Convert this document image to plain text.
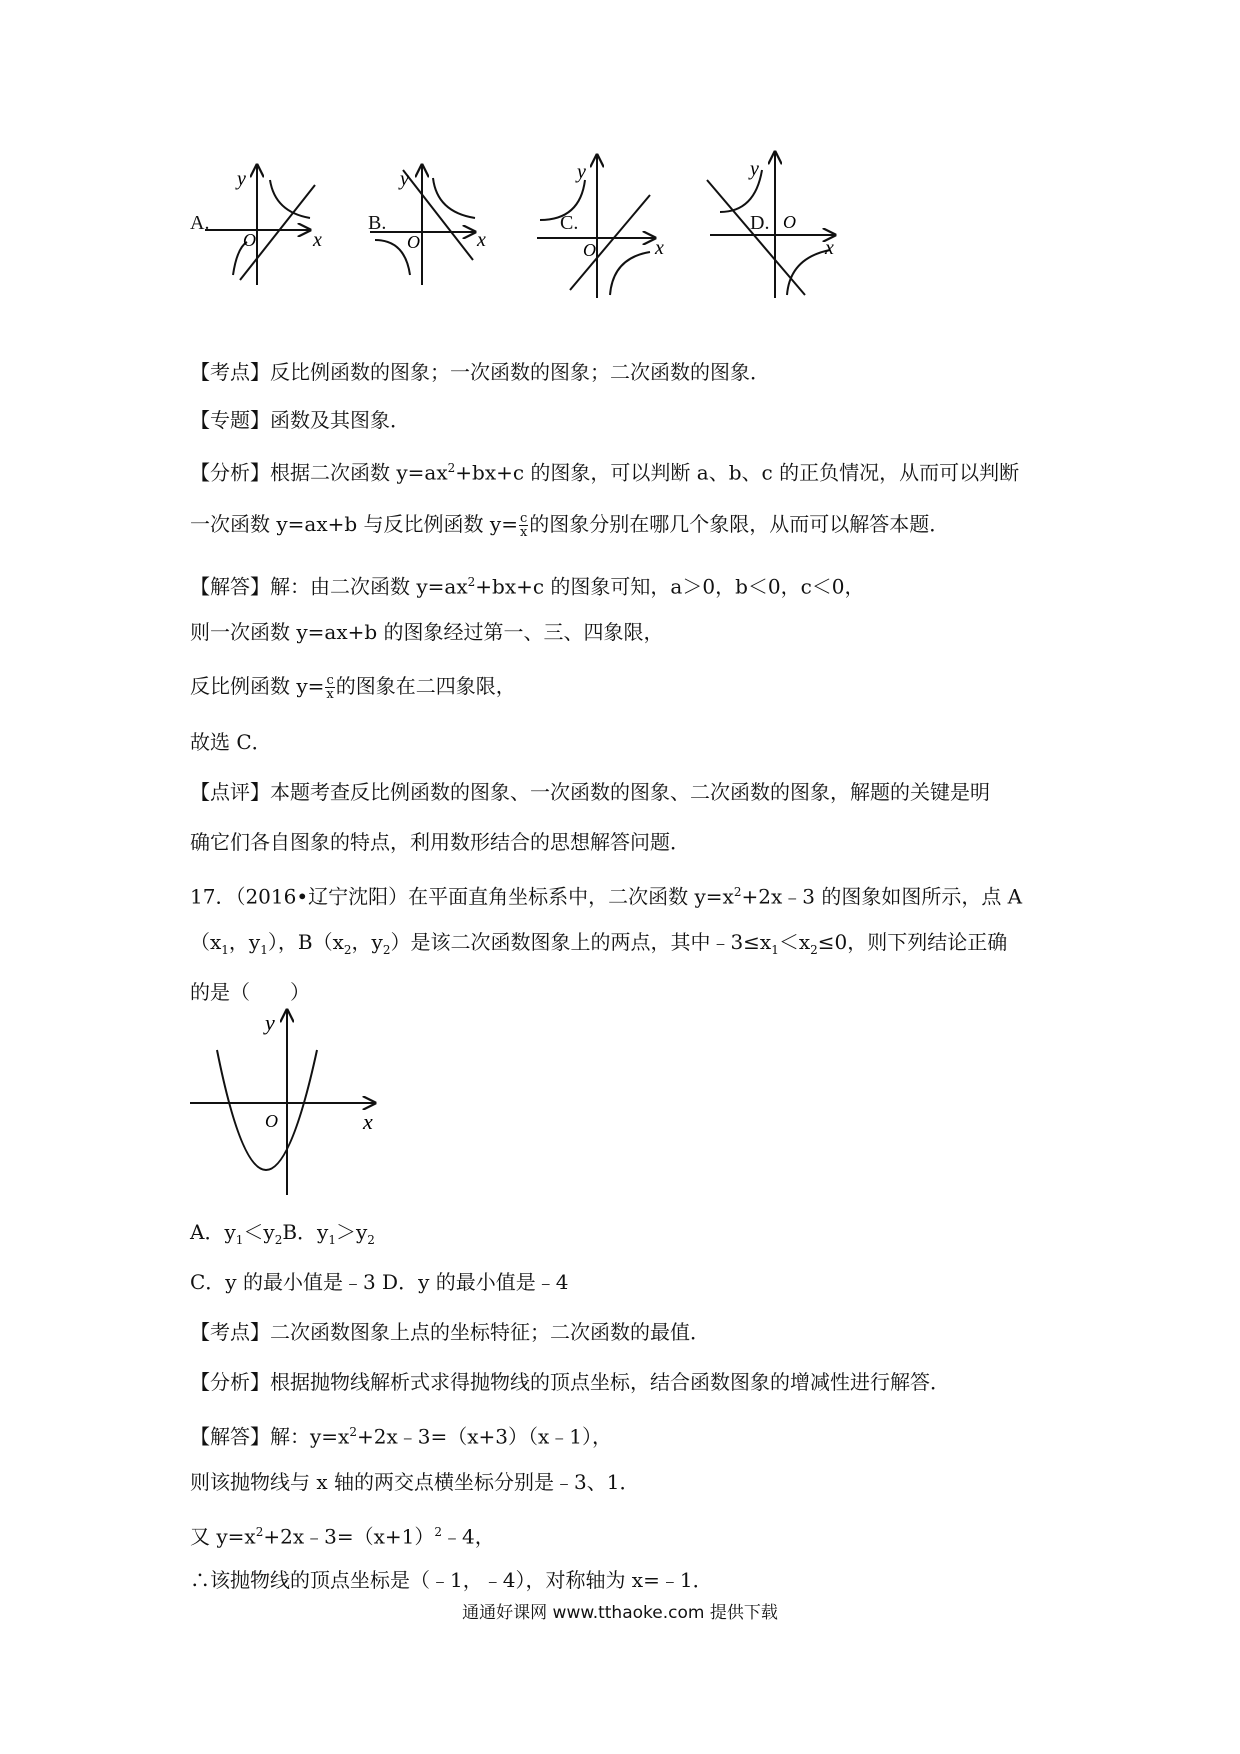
A.	B.	C.	D.
y
x
O
y
x
O
y
x
O
y
x
O
【考点】反比例函数的图象；一次函数的图象；二次函数的图象．
【专题】函数及其图象．
【分析】根据二次函数 $y=ax^2+bx+c$ 的图象，可以判断 a、b、c 的正负情况，从而可以判断
一次函数 y=ax+b 与反比例函数 $y= \frac{c}{x}$ 的图象分别在哪几个象限，从而可以解答本题．
【解答】解：由二次函数 $y=ax^2+bx+c$ 的图象可知，a＞0，b＜0，c＜0，
则一次函数 y=ax+b 的图象经过第一、三、四象限，
反比例函数 $y= \frac{c}{x}$ 的图象在二四象限，
故选 C．
【点评】本题考查反比例函数的图象、一次函数的图象、二次函数的图象，解题的关键是明
确它们各自图象的特点，利用数形结合的思想解答问题．
17．（2016•辽宁沈阳）在平面直角坐标系中，二次函数 $y=x^2+2x﹣3$ 的图象如图所示，点 A
（$x_1$，$y_1$），$B(x_2$，$y_2$）是该二次函数图象上的两点，其中$﹣3\le x_1<x_2\le 0$，则下列结论正确
的是（　　）
y
x
O
A．$y_1<y_2B$．$y_1>y_2$
C．y 的最小值是﹣3 D．y 的最小值是﹣4
【考点】二次函数图象上点的坐标特征；二次函数的最值．
【分析】根据抛物线解析式求得抛物线的顶点坐标，结合函数图象的增减性进行解答．
【解答】解：$y=x^2+2x﹣3=(x+3)(x﹣1)$，
则该抛物线与 x 轴的两交点横坐标分别是﹣3、1．
又 $y=x^2+2x﹣3=(x+1)^2﹣4$，
∴该抛物线的顶点坐标是（﹣1，﹣4），对称轴为 x=﹣1．
通通好课网 www.tthaoke.com 提供下载
